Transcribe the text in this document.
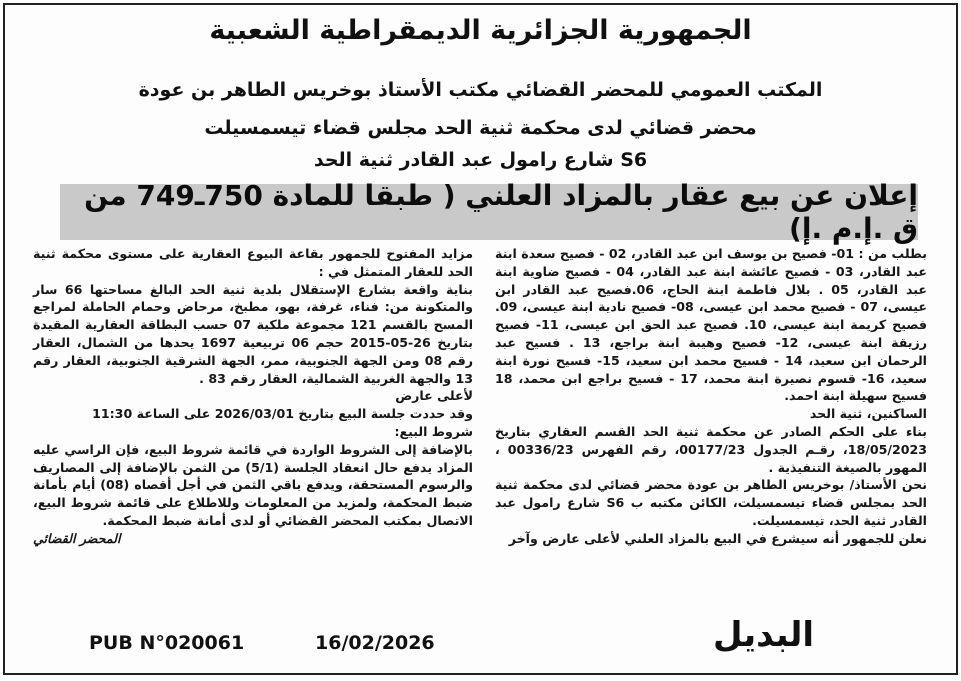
الجمهورية الجزائرية الديمقراطية الشعبية
المكتب العمومي للمحضر القضائي مكتب الأستاذ بوخريس الطاهر بن عودة
محضر قضائي لدى محكمة ثنية الحد مجلس قضاء تيسمسيلت
S6 شارع رامول عبد القادر ثنية الحد
إعلان عن بيع عقار بالمزاد العلني ( طبقا للمادة 750ـ749 من ق .إ.م .إ)

بطلب من : 01- فصيح بن يوسف ابن عبد القادر، 02 - فصيح سعدة ابنة عبد القادر، 03 - فصيح عائشة ابنة عبد القادر، 04 - فصيح ضاوية ابنة عبد القادر، 05 . بلال فاطمة ابنة الحاج، 06.فصيح عبد القادر ابن عيسى، 07 - فصيح محمد ابن عيسى، 08- فصيح نادية ابنة عيسى، 09. فصيح كريمة ابنة عيسى، 10. فصيح عبد الحق ابن عيسى، 11- فصيح رزيقة ابنة عيسى، 12- فصيح وهيبة ابنة براجع، 13 . فسيح عبد الرحمان ابن سعيد، 14 - فسيح محمد ابن سعيد، 15- فسيح نورة ابنة سعيد، 16- قسوم نصيرة ابنة محمد، 17 - فسيح براجع ابن محمد، 18 فسيح سهيلة ابنة احمد.

الساكنين، ثنية الحد

بناء على الحكم الصادر عن محكمة ثنية الحد القسم العقاري بتاريخ 18/05/2023، رقـم الجدول 00177/23، رقم الفهرس 00336/23 ، المهور بالصيغة التنفيذية .

نحن الأستاذ/ بوخريس الطاهر بن عودة محضر قضائي لدى محكمة ثنية الحد بمجلس قضاء تيسمسيلت، الكائن مكتبه ب S6 شارع رامول عبد القادر ثنية الحد، تيسمسيلت.

نعلن للجمهور أنه سيشرع في البيع بالمزاد العلني لأعلى عارض وآخر

مزايد المفتوح للجمهور بقاعة البيوع العقارية على مستوى محكمة ثنية الحد للعقار المتمثل في :

بناية واقعة بشارع الإستقلال بلدية ثنية الحد البالغ مساحتها 66 سار والمتكونة من: فناء، غرفة، بهو، مطبخ، مرحاض وحمام الحاملة لمراجع المسح بالقسم 121 مجموعة ملكية 07 حسب البطاقة العقارية المقيدة بتاريخ 26-05-2015 حجم 06 تربيعية 1697 يحدها من الشمال، العقار رقم 08 ومن الجهة الجنوبية، ممر، الجهة الشرقية الجنوبية، العقار رقم 13 والجهة الغربية الشمالية، العقار رقم 83 .

لأعلى عارض

وقد حددت جلسة البيع بتاريخ 2026/03/01 على الساعة 11:30

شروط البيع:

بالإضافة إلى الشروط الواردة في قائمة شروط البيع، فإن الراسي عليه المزاد يدفع حال انعقاد الجلسة (5/1) من الثمن بالإضافة إلى المصاريف والرسوم المستحقة، ويدفع باقي الثمن في أجل أقصاه (08) أيام بأمانة ضبط المحكمة، ولمزيد من المعلومات وللاطلاع على قائمة شروط البيع، الاتصال بمكتب المحضر القضائي أو لدى أمانة ضبط المحكمة.

المحضر القضائي

البديل
16/02/2026
PUB N°020061
